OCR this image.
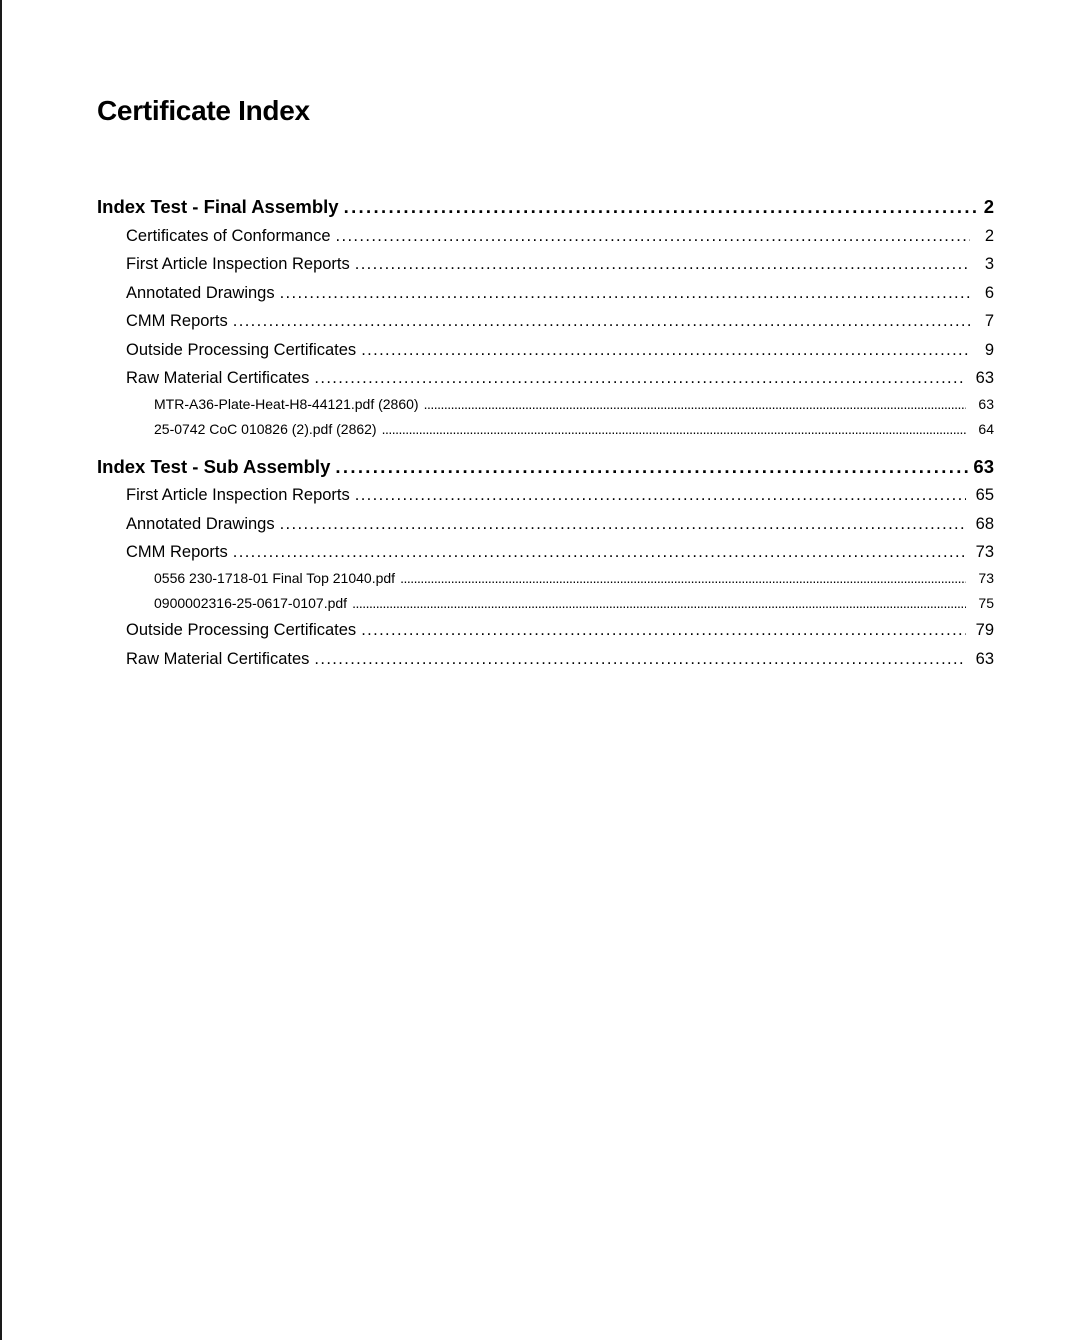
Certificate Index
Index Test - Final Assembly . . .	2
Certificates of Conformance . . .	2
First Article Inspection Reports . . .	3
Annotated Drawings . . .	6
CMM Reports . . .	7
Outside Processing Certificates . . .	9
Raw Material Certificates . . .	63
MTR-A36-Plate-Heat-H8-44121.pdf (2860) . . .	63
25-0742 CoC 010826 (2).pdf (2862) . . .	64
Index Test - Sub Assembly . . .	63
First Article Inspection Reports . . .	65
Annotated Drawings . . .	68
CMM Reports . . .	73
0556 230-1718-01 Final Top 21040.pdf . . .	73
0900002316-25-0617-0107.pdf . . .	75
Outside Processing Certificates . . .	79
Raw Material Certificates . . .	63
